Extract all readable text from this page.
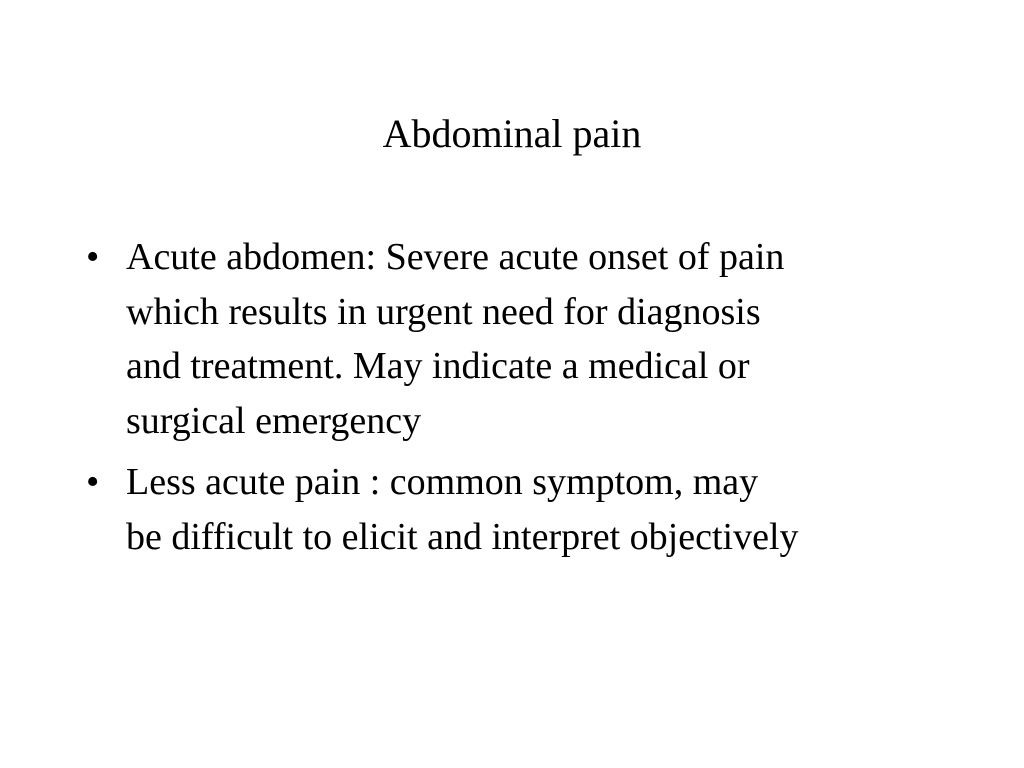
Abdominal pain
• Acute abdomen: Severe acute onset of pain
which results in urgent need for diagnosis
and treatment. May indicate a medical or
surgical emergency
• Less acute pain : common symptom, may
be difficult to elicit and interpret objectively
